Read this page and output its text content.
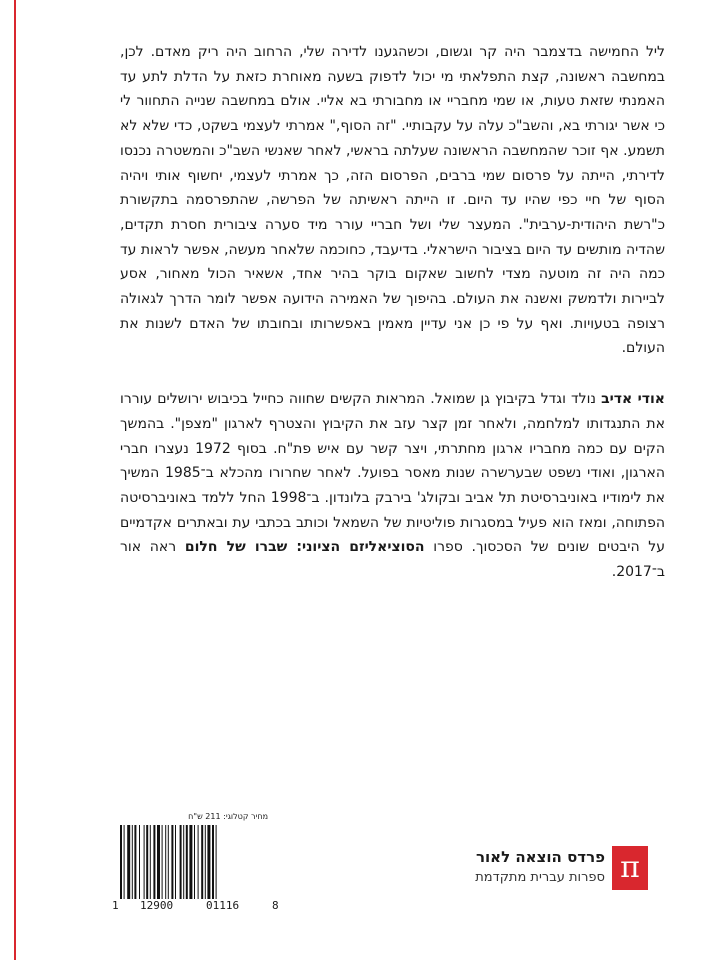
ליל החמישה בדצמבר היה קר וגשום, וכשהגענו לדירה שלי, הרחוב היה ריק מאדם. לכן, במחשבה ראשונה, קצת התפלאתי מי יכול לדפוק בשעה מאוחרת כזאת על הדלת לתע עד האמנתי שזאת טעות, או שמי מחבריי או מחבורתי בא אליי. אולם במחשבה שנייה התחוור לי כי אשר יגורתי בא, והשב"כ עלה על עקבותיי. "זה הסוף," אמרתי לעצמי בשקט, כדי שלא לא תשמע. אף זוכר שהמחשבה הראשונה שעלתה בראשי, לאחר שאנשי השב"כ והמשטרה נכנסו לדירתי, הייתה על פרסום שמי ברבים, הפרסום הזה, כך אמרתי לעצמי, יחשוף אותי ויהיה הסוף של חיי כפי שהיו עד היום. זו הייתה ראשיתה של הפרשה, שהתפרסמה בתקשורת כ"רשת היהודית-ערבית". המעצר שלי ושל חבריי עורר מיד סערה ציבורית חסרת תקדים, שהדיה מותשים עד היום בציבור הישראלי. בדיעבד, כחוכמה שלאחר מעשה, אפשר לראות עד כמה היה זה מוטעה מצדי לחשוב שאקום בוקר בהיר אחד, אשאיר הכול מאחור, אסע לביירות ולדמשק ואשנה את העולם. בהיפוך של האמירה הידועה אפשר לומר הדרך לגאולה רצופה בטעויות. ואף על פי כן אני עדיין מאמין באפשרותו ובחובתו של האדם לשנות את העולם.

אודי אדיב נולד וגדל בקיבוץ גן שמואל. המראות הקשים שחווה כחייל בכיבוש ירושלים עוררו את התנגדותו למלחמה, ולאחר זמן קצר עזב את הקיבוץ והצטרף לארגון "מצפן". בהמשך הקים עם כמה מחבריו ארגון מחתרתי, ויצר קשר עם איש פת"ח. בסוף 1972 נעצרו חברי הארגון, ואודי נשפט שבערשרה שנות מאסר בפועל. לאחר שחרורו מהכלא ב־1985 המשיך את לימודיו באוניברסיטת תל אביב ובקולג' בירבק בלונדון. ב־1998 החל ללמד באוניברסיטה הפתוחה, ומאז הוא פעיל במסגרות פוליטיות של השמאל וכותב בכתבי עת ובאתרים אקדמיים על היבטים שונים של הסכסוך. ספרו הסוציאליזם הציוני: שברו של חלום ראה אור ב־2017.

מחיר קטלוגי: 211 ש"ח
1 12900	01116	8
פרדס הוצאה לאור
ספרות עברית מתקדמת π
